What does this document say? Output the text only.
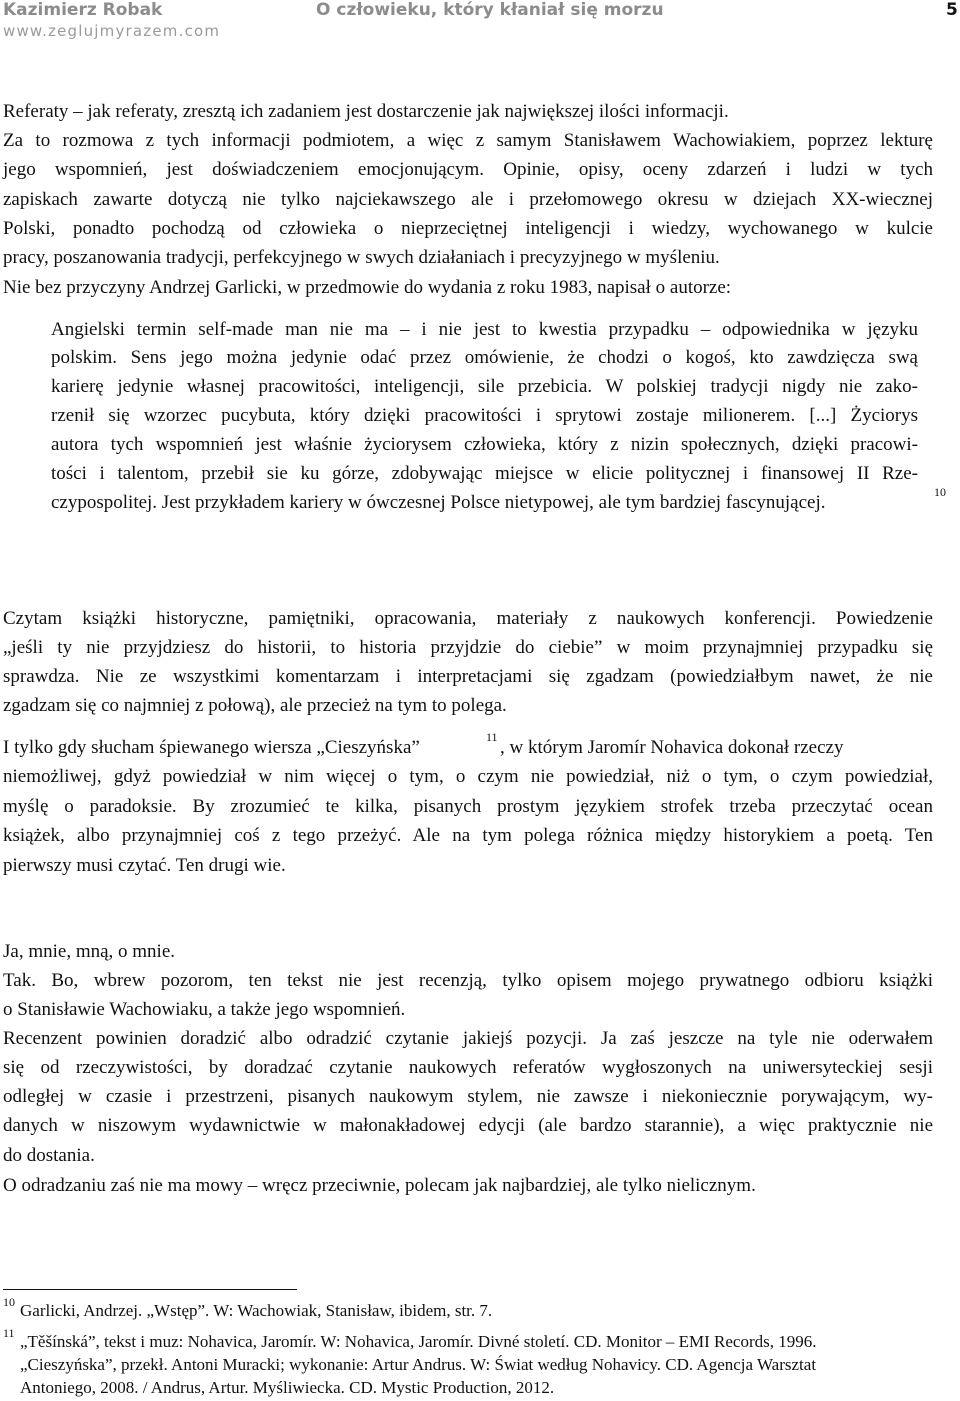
Kazimierz Robak	O człowieku, który kłaniał się morzu	5
www.zeglujmyrazem.com
Referaty – jak referaty, zresztą ich zadaniem jest dostarczenie jak największej ilości informacji.
Za to rozmowa z tych informacji podmiotem, a więc z samym Stanisławem Wachowiakiem, poprzez lekturę
jego wspomnień, jest doświadczeniem emocjonującym. Opinie, opisy, oceny zdarzeń i ludzi w tych
zapiskach zawarte dotyczą nie tylko najciekawszego ale i przełomowego okresu w dziejach XX-wiecznej
Polski, ponadto pochodzą od człowieka o nieprzeciętnej inteligencji i wiedzy, wychowanego w kulcie
pracy, poszanowania tradycji, perfekcyjnego w swych działaniach i precyzyjnego w myśleniu.
Nie bez przyczyny Andrzej Garlicki, w przedmowie do wydania z roku 1983, napisał o autorze:
Angielski termin self-made man nie ma – i nie jest to kwestia przypadku – odpowiednika w języku
polskim. Sens jego można jedynie odać przez omówienie, że chodzi o kogoś, kto zawdzięcza swą
karierę jedynie własnej pracowitości, inteligencji, sile przebicia. W polskiej tradycji nigdy nie zako-
rzenił się wzorzec pucybuta, który dzięki pracowitości i sprytowi zostaje milionerem. [...] Życiorys
autora tych wspomnień jest właśnie życiorysem człowieka, który z nizin społecznych, dzięki pracowi-
tości i talentom, przebił sie ku górze, zdobywając miejsce w elicie politycznej i finansowej II Rze-
czypospolitej. Jest przykładem kariery w ówczesnej Polsce nietypowej, ale tym bardziej fascynującej.	10
Czytam książki historyczne, pamiętniki, opracowania, materiały z naukowych konferencji. Powiedzenie
„jeśli ty nie przyjdziesz do historii, to historia przyjdzie do ciebie” w moim przynajmniej przypadku się
sprawdza. Nie ze wszystkimi komentarzam i interpretacjami się zgadzam (powiedziałbym nawet, że nie
zgadzam się co najmniej z połową), ale przecież na tym to polega.
I tylko gdy słucham śpiewanego wiersza „Cieszyńska”	11 , w którym Jaromír Nohavica dokonał rzeczy
niemożliwej, gdyż powiedział w nim więcej o tym, o czym nie powiedział, niż o tym, o czym powiedział,
myślę o paradoksie. By zrozumieć te kilka, pisanych prostym językiem strofek trzeba przeczytać ocean
książek, albo przynajmniej coś z tego przeżyć. Ale na tym polega różnica między historykiem a poetą. Ten
pierwszy musi czytać. Ten drugi wie.
Ja, mnie, mną, o mnie.
Tak. Bo, wbrew pozorom, ten tekst nie jest recenzją, tylko opisem mojego prywatnego odbioru książki
o Stanisławie Wachowiaku, a także jego wspomnień.
Recenzent powinien doradzić albo odradzić czytanie jakiejś pozycji. Ja zaś jeszcze na tyle nie oderwałem
się od rzeczywistości, by doradzać czytanie naukowych referatów wygłoszonych na uniwersyteckiej sesji
odległej w czasie i przestrzeni, pisanych naukowym stylem, nie zawsze i niekoniecznie porywającym, wy-
danych w niszowym wydawnictwie w małonakładowej edycji (ale bardzo starannie), a więc praktycznie nie
do dostania.
O odradzaniu zaś nie ma mowy – wręcz przeciwnie, polecam jak najbardziej, ale tylko nielicznym.
10 Garlicki, Andrzej. „Wstęp”. W: Wachowiak, Stanisław, ibidem, str. 7.
11 „Těšínská”, tekst i muz: Nohavica, Jaromír. W: Nohavica, Jaromír. Divné století. CD. Monitor – EMI Records, 1996.
„Cieszyńska”, przekł. Antoni Muracki; wykonanie: Artur Andrus. W: Świat według Nohavicy. CD. Agencja Warsztat
Antoniego, 2008. / Andrus, Artur. Myśliwiecka. CD. Mystic Production, 2012.
